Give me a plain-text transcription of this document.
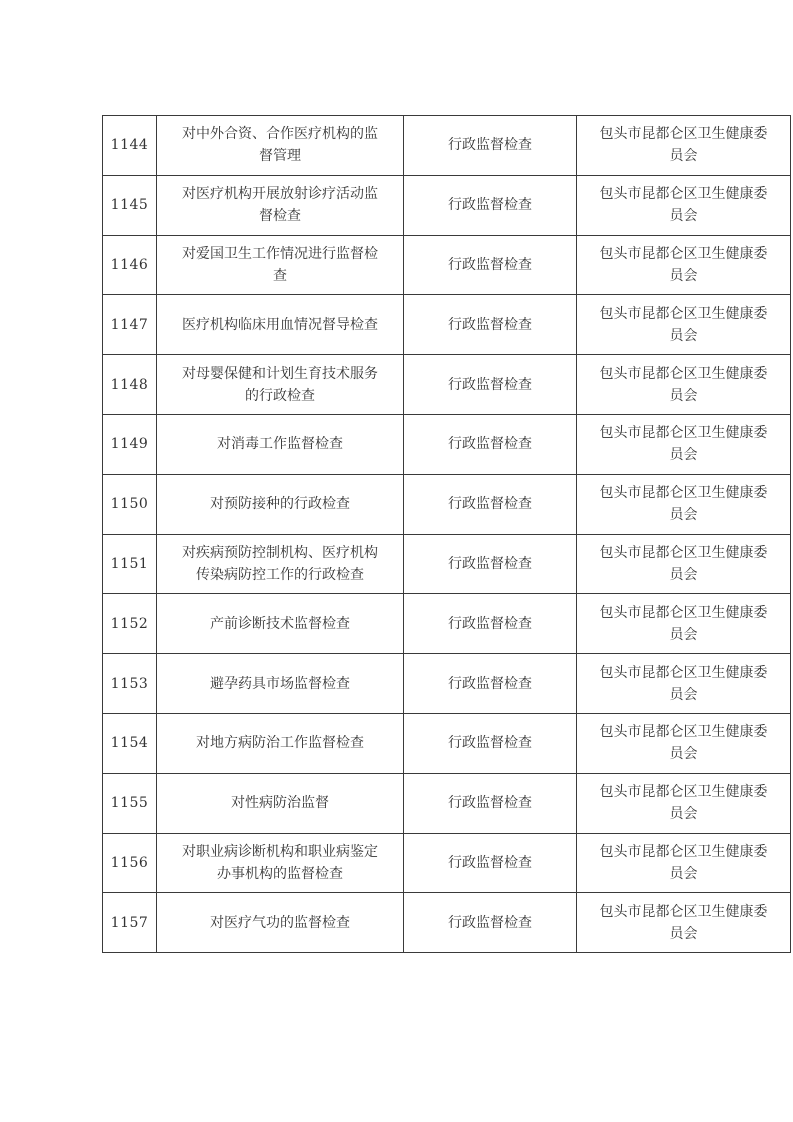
1144	对中外合资、合作医疗机构的监督管理	行政监督检查	包头市昆都仑区卫生健康委员会
1145	对医疗机构开展放射诊疗活动监督检查	行政监督检查	包头市昆都仑区卫生健康委员会
1146	对爱国卫生工作情况进行监督检查	行政监督检查	包头市昆都仑区卫生健康委员会
1147	医疗机构临床用血情况督导检查	行政监督检查	包头市昆都仑区卫生健康委员会
1148	对母婴保健和计划生育技术服务的行政检查	行政监督检查	包头市昆都仑区卫生健康委员会
1149	对消毒工作监督检查	行政监督检查	包头市昆都仑区卫生健康委员会
1150	对预防接种的行政检查	行政监督检查	包头市昆都仑区卫生健康委员会
1151	对疾病预防控制机构、医疗机构传染病防控工作的行政检查	行政监督检查	包头市昆都仑区卫生健康委员会
1152	产前诊断技术监督检查	行政监督检查	包头市昆都仑区卫生健康委员会
1153	避孕药具市场监督检查	行政监督检查	包头市昆都仑区卫生健康委员会
1154	对地方病防治工作监督检查	行政监督检查	包头市昆都仑区卫生健康委员会
1155	对性病防治监督	行政监督检查	包头市昆都仑区卫生健康委员会
1156	对职业病诊断机构和职业病鉴定办事机构的监督检查	行政监督检查	包头市昆都仑区卫生健康委员会
1157	对医疗气功的监督检查	行政监督检查	包头市昆都仑区卫生健康委员会
